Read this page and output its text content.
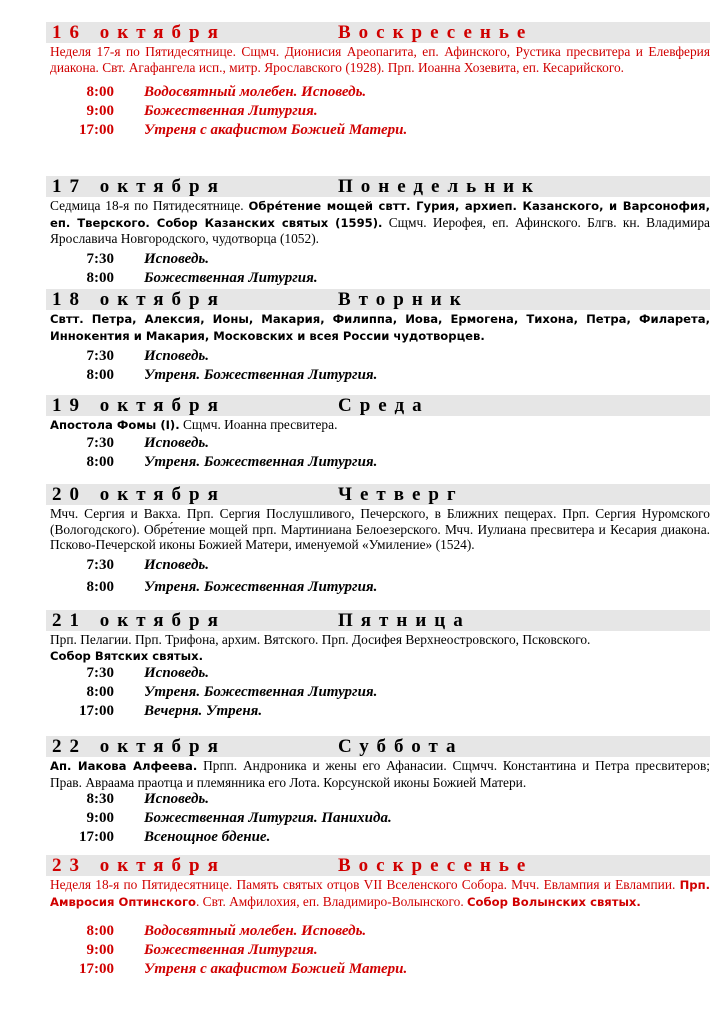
16 октября	Воскресенье
Неделя 17-я по Пятидесятнице. Сщмч. Дионисия Ареопагита, еп. Афинского, Рустика пресвитера и Елевферия диакона. Свт. Агафангела исп., митр. Ярославского (1928). Прп. Иоанна Хозевита, еп. Кесарийского.
8:00 Водосвятный молебен. Исповедь.
9:00 Божественная Литургия.
17:00 Утреня с акафистом Божией Матери.
17 октября	Понедельник
Седмица 18-я по Пятидесятнице. Обре́тение мощей свтт. Гурия, архиеп. Казанского, и Варсонофия, еп. Тверского. Собор Казанских святых (1595). Сщмч. Иерофея, еп. Афинского. Блгв. кн. Владимира Ярославича Новгородского, чудотворца (1052).
7:30 Исповедь.
8:00 Божественная Литургия.
18 октября	Вторник
Свтт. Петра, Алексия, Ионы, Макария, Филиппа, Иова, Ермогена, Тихона, Петра, Филарета, Иннокентия и Макария, Московских и всея России чудотворцев.
7:30 Исповедь.
8:00 Утреня. Божественная Литургия.
19 октября	Среда
Апостола Фомы (I). Сщмч. Иоанна пресвитера.
7:30 Исповедь.
8:00 Утреня. Божественная Литургия.
20 октября	Четверг
Мчч. Сергия и Вакха. Прп. Сергия Послушливого, Печерского, в Ближних пещерах. Прп. Сергия Нуромского (Вологодского). Обре́тение мощей прп. Мартиниана Белоезерского. Мчч. Иулиана пресвитера и Кесария диакона. Псково-Печерской иконы Божией Матери, именуемой «Умиление» (1524).
7:30 Исповедь.
8:00 Утреня. Божественная Литургия.
21 октября	Пятница
Прп. Пелагии. Прп. Трифона, архим. Вятского. Прп. Досифея Верхнеостровского, Псковского.
Собор Вятских святых.
7:30 Исповедь.
8:00 Утреня. Божественная Литургия.
17:00 Вечерня. Утреня.
22 октября	Суббота
Ап. Иакова Алфеева. Прпп. Андроника и жены его Афанасии. Сщмчч. Константина и Петра пресвитеров; Прав. Авраама праотца и племянника его Лота. Корсунской иконы Божией Матери.
8:30 Исповедь.
9:00 Божественная Литургия. Панихида.
17:00 Всенощное бдение.
23 октября	Воскресенье
Неделя 18-я по Пятидесятнице. Память святых отцов VII Вселенского Собора. Мчч. Евлампия и Евлампии. Прп. Амвросия Оптинского. Свт. Амфилохия, еп. Владимиро-Волынского. Собор Волынских святых.
8:00 Водосвятный молебен. Исповедь.
9:00 Божественная Литургия.
17:00 Утреня с акафистом Божией Матери.
